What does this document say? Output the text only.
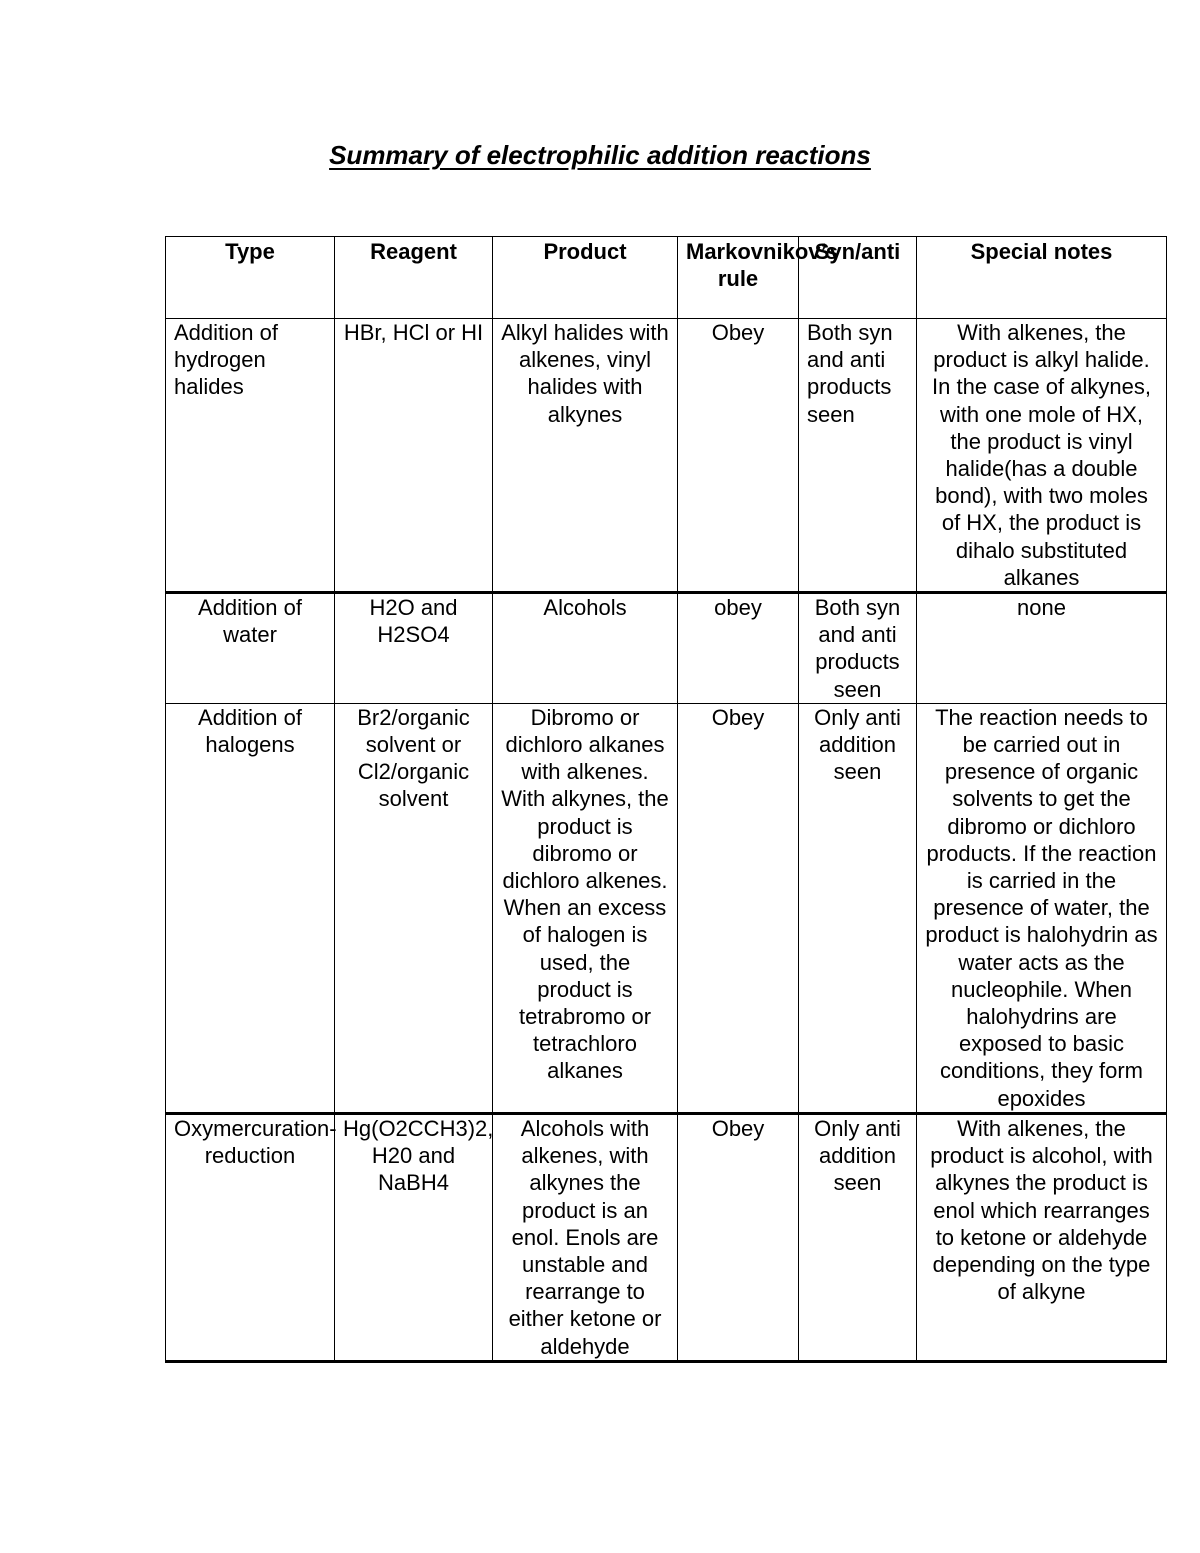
Summary of electrophilic addition reactions
Type	Reagent	Product	Markovnikov’s rule	Syn/anti	Special notes
Addition of hydrogen halides	HBr, HCl or HI	Alkyl halides with alkenes, vinyl halides with alkynes	Obey	Both syn and anti products seen	With alkenes, the product is alkyl halide. In the case of alkynes, with one mole of HX, the product is vinyl halide(has a double bond), with two moles of HX, the product is dihalo substituted alkanes
Addition of water	H2O and H2SO4	Alcohols	obey	Both syn and anti products seen	none
Addition of halogens	Br2/organic solvent or Cl2/organic solvent	Dibromo or dichloro alkanes with alkenes. With alkynes, the product is dibromo or dichloro alkenes. When an excess of halogen is used, the product is tetrabromo or tetrachloro alkanes	Obey	Only anti addition seen	The reaction needs to be carried out in presence of organic solvents to get the dibromo or dichloro products. If the reaction is carried in the presence of water, the product is halohydrin as water acts as the nucleophile. When halohydrins are exposed to basic conditions, they form epoxides
Oxymercuration-reduction	Hg(O2CCH3)2, H20 and NaBH4	Alcohols with alkenes, with alkynes the product is an enol. Enols are unstable and rearrange to either ketone or aldehyde	Obey	Only anti addition seen	With alkenes, the product is alcohol, with alkynes the product is enol which rearranges to ketone or aldehyde depending on the type of alkyne
